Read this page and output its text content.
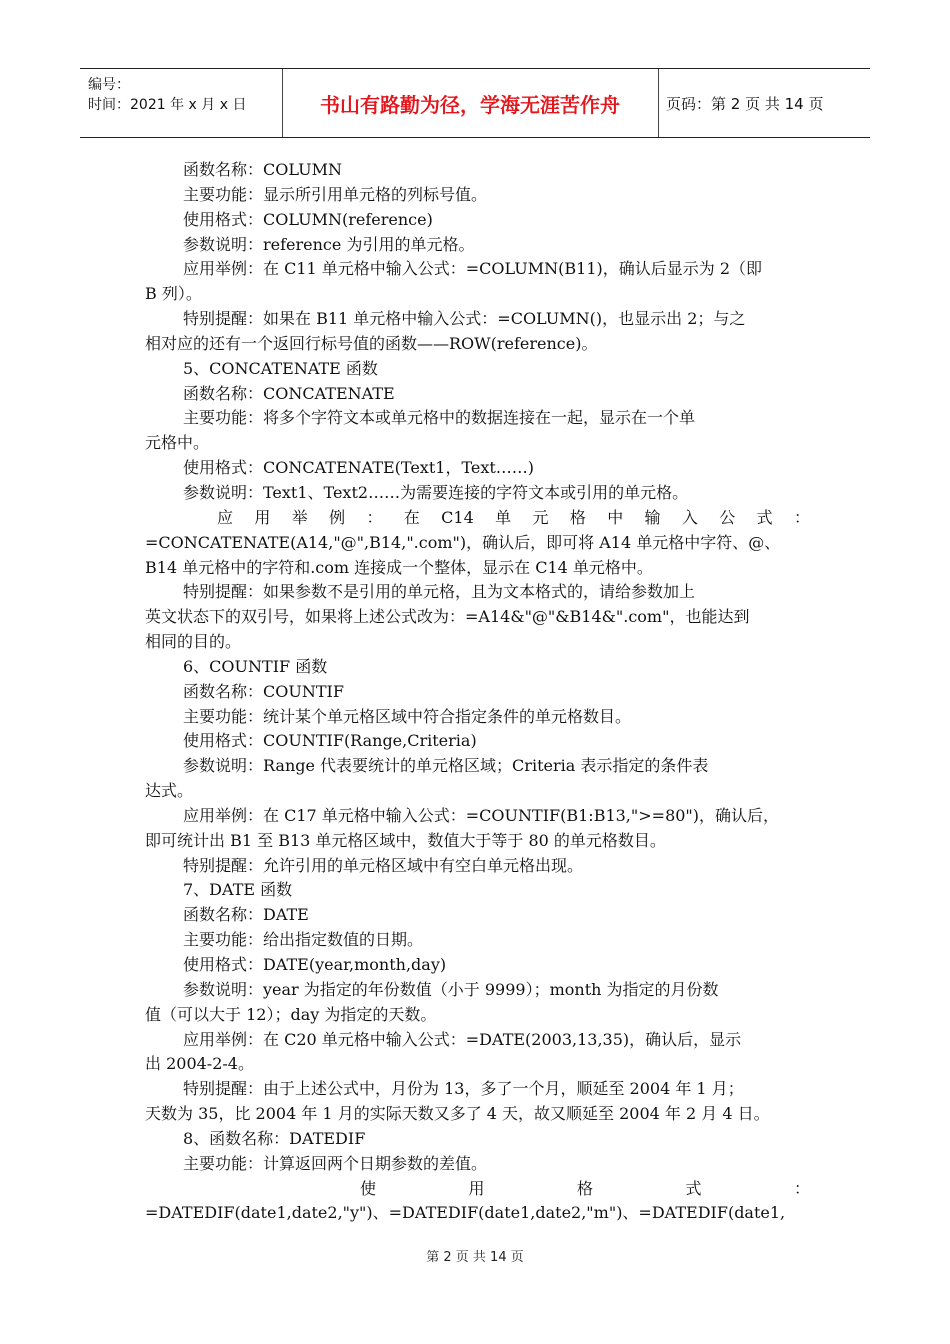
编号：
时间：2021 年 x 月 x 日	书山有路勤为径，学海无涯苦作舟	页码：第 2 页 共 14 页
函数名称：COLUMN
主要功能：显示所引用单元格的列标号值。
使用格式：COLUMN(reference)
参数说明：reference 为引用的单元格。
应用举例：在 C11 单元格中输入公式：=COLUMN(B11)，确认后显示为 2（即
B 列）。
特别提醒：如果在 B11 单元格中输入公式：=COLUMN()，也显示出 2；与之
相对应的还有一个返回行标号值的函数——ROW(reference)。
5、CONCATENATE 函数
函数名称：CONCATENATE
主要功能：将多个字符文本或单元格中的数据连接在一起，显示在一个单
元格中。
使用格式：CONCATENATE(Text1，Text……)
参数说明：Text1、Text2……为需要连接的字符文本或引用的单元格。
应 用 举 例 ： 在 C14 单 元 格 中 输 入 公 式 ：
=CONCATENATE(A14,"@",B14,".com")，确认后，即可将 A14 单元格中字符、@、
B14 单元格中的字符和.com 连接成一个整体，显示在 C14 单元格中。
特别提醒：如果参数不是引用的单元格，且为文本格式的，请给参数加上
英文状态下的双引号，如果将上述公式改为：=A14&"@"&B14&".com"，也能达到
相同的目的。
6、COUNTIF 函数
函数名称：COUNTIF
主要功能：统计某个单元格区域中符合指定条件的单元格数目。
使用格式：COUNTIF(Range,Criteria)
参数说明：Range 代表要统计的单元格区域；Criteria 表示指定的条件表
达式。
应用举例：在 C17 单元格中输入公式：=COUNTIF(B1:B13,">=80")，确认后，
即可统计出 B1 至 B13 单元格区域中，数值大于等于 80 的单元格数目。
特别提醒：允许引用的单元格区域中有空白单元格出现。
7、DATE 函数
函数名称：DATE
主要功能：给出指定数值的日期。
使用格式：DATE(year,month,day)
参数说明：year 为指定的年份数值（小于 9999）；month 为指定的月份数
值（可以大于 12）；day 为指定的天数。
应用举例：在 C20 单元格中输入公式：=DATE(2003,13,35)，确认后，显示
出 2004-2-4。
特别提醒：由于上述公式中，月份为 13，多了一个月，顺延至 2004 年 1 月；
天数为 35，比 2004 年 1 月的实际天数又多了 4 天，故又顺延至 2004 年 2 月 4 日。
8、函数名称：DATEDIF
主要功能：计算返回两个日期参数的差值。
使	用	格	式	：
=DATEDIF(date1,date2,"y")、=DATEDIF(date1,date2,"m")、=DATEDIF(date1,
第 2 页 共 14 页
